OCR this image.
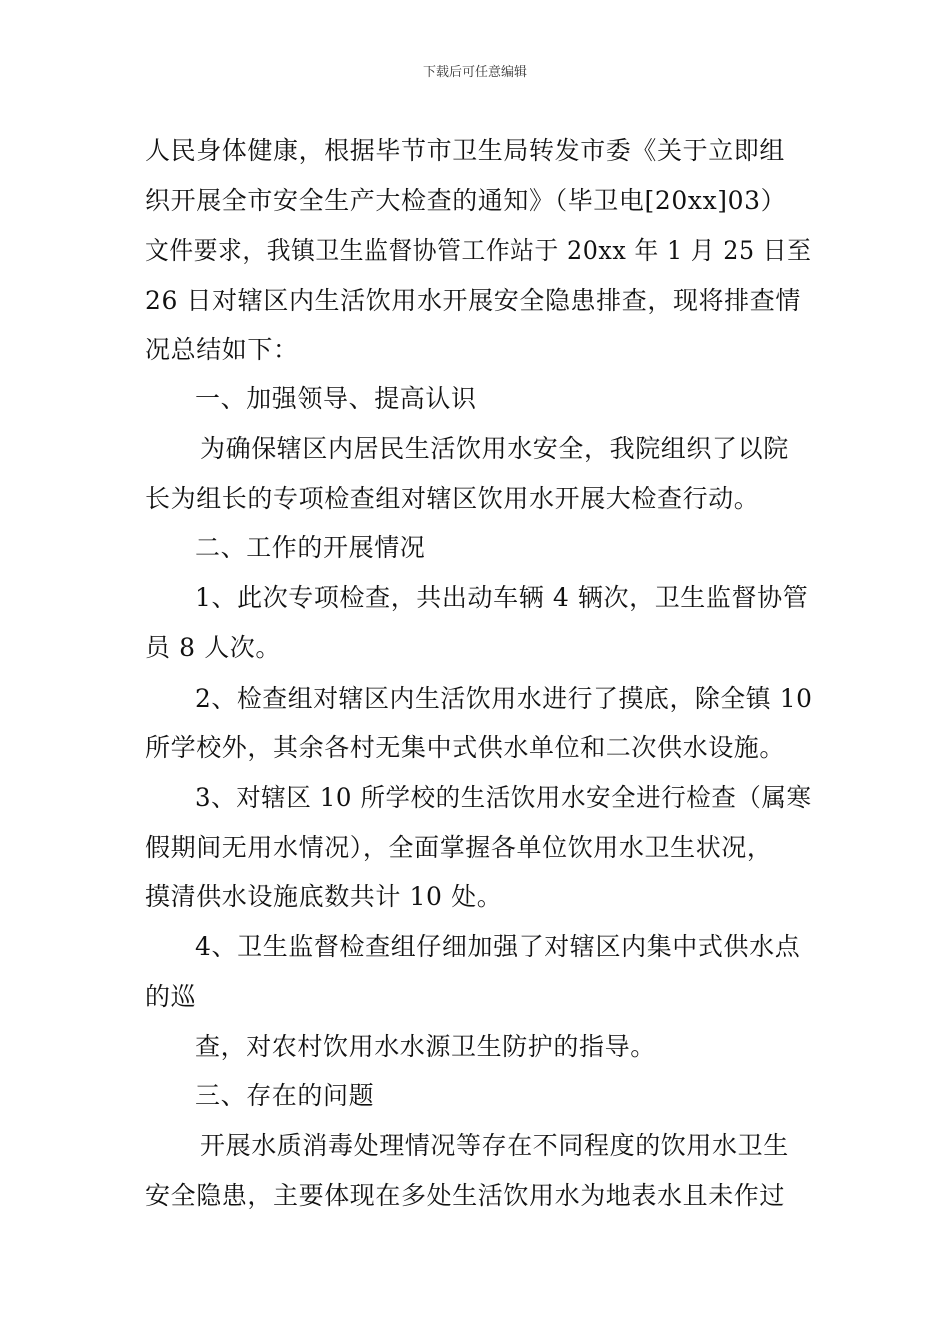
下载后可任意编辑
人民身体健康，根据毕节市卫生局转发市委《关于立即组
织开展全市安全生产大检查的通知》（毕卫电[20xx]03）
文件要求，我镇卫生监督协管工作站于 20xx 年 1 月 25 日至
26 日对辖区内生活饮用水开展安全隐患排查，现将排查情
况总结如下：
一、加强领导、提高认识
为确保辖区内居民生活饮用水安全，我院组织了以院
长为组长的专项检查组对辖区饮用水开展大检查行动。
二、工作的开展情况
1、此次专项检查，共出动车辆 4 辆次，卫生监督协管
员 8 人次。
2、检查组对辖区内生活饮用水进行了摸底，除全镇 10
所学校外，其余各村无集中式供水单位和二次供水设施。
3、对辖区 10 所学校的生活饮用水安全进行检查（属寒
假期间无用水情况），全面掌握各单位饮用水卫生状况，
摸清供水设施底数共计 10 处。
4、卫生监督检查组仔细加强了对辖区内集中式供水点
的巡
查，对农村饮用水水源卫生防护的指导。
三、存在的问题
开展水质消毒处理情况等存在不同程度的饮用水卫生
安全隐患，主要体现在多处生活饮用水为地表水且未作过
